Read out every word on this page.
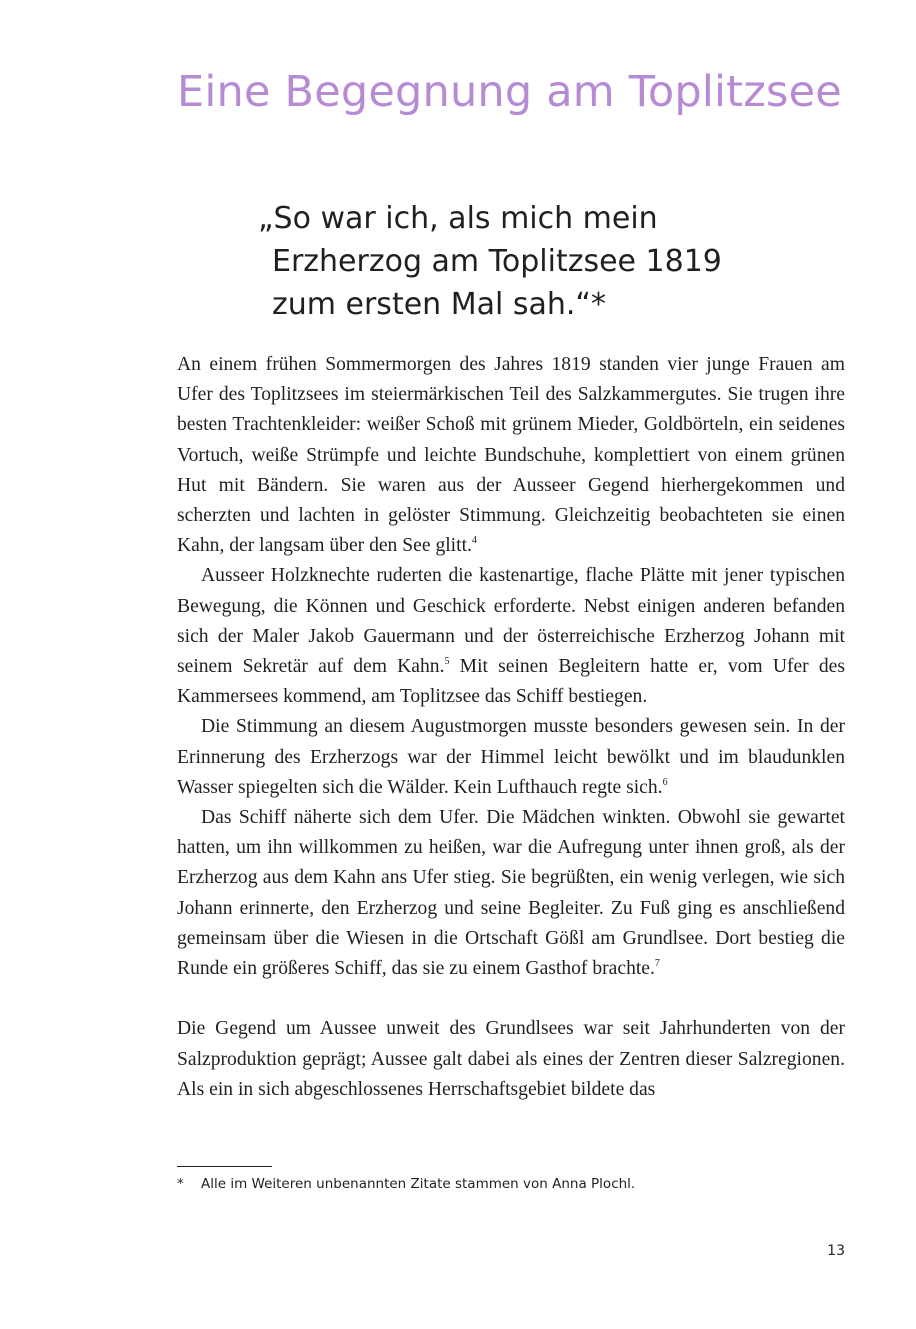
Eine Begegnung am Toplitzsee
„So war ich, als mich mein
Erzherzog am Toplitzsee 1819
zum ersten Mal sah.“*

An einem frühen Sommermorgen des Jahres 1819 standen vier junge Frauen am Ufer des Toplitzsees im steiermärkischen Teil des Salzkammergutes. Sie trugen ihre besten Trachtenkleider: weißer Schoß mit grünem Mieder, Goldbörteln, ein seidenes Vortuch, weiße Strümpfe und leichte Bundschuhe, komplettiert von einem grünen Hut mit Bändern. Sie waren aus der Ausseer Gegend hierhergekommen und scherzten und lachten in gelöster Stimmung. Gleichzeitig beobachteten sie einen Kahn, der langsam über den See glitt.$^4$

Ausseer Holzknechte ruderten die kastenartige, flache Plätte mit jener typischen Bewegung, die Können und Geschick erforderte. Nebst einigen anderen befanden sich der Maler Jakob Gauermann und der österreichische Erzherzog Johann mit seinem Sekretär auf dem Kahn.$^5$ Mit seinen Begleitern hatte er, vom Ufer des Kammersees kommend, am Toplitzsee das Schiff bestiegen.

Die Stimmung an diesem Augustmorgen musste besonders gewesen sein. In der Erinnerung des Erzherzogs war der Himmel leicht bewölkt und im blaudunklen Wasser spiegelten sich die Wälder. Kein Lufthauch regte sich.$^6$

Das Schiff näherte sich dem Ufer. Die Mädchen winkten. Obwohl sie gewartet hatten, um ihn willkommen zu heißen, war die Aufregung unter ihnen groß, als der Erzherzog aus dem Kahn ans Ufer stieg. Sie begrüßten, ein wenig verlegen, wie sich Johann erinnerte, den Erzherzog und seine Begleiter. Zu Fuß ging es anschließend gemeinsam über die Wiesen in die Ortschaft Gößl am Grundlsee. Dort bestieg die Runde ein größeres Schiff, das sie zu einem Gasthof brachte.$^7$

Die Gegend um Aussee unweit des Grundlsees war seit Jahrhunderten von der Salzproduktion geprägt; Aussee galt dabei als eines der Zentren dieser Salzregionen. Als ein in sich abgeschlossenes Herrschaftsgebiet bildete das

* Alle im Weiteren unbenannten Zitate stammen von Anna Plochl.
13
